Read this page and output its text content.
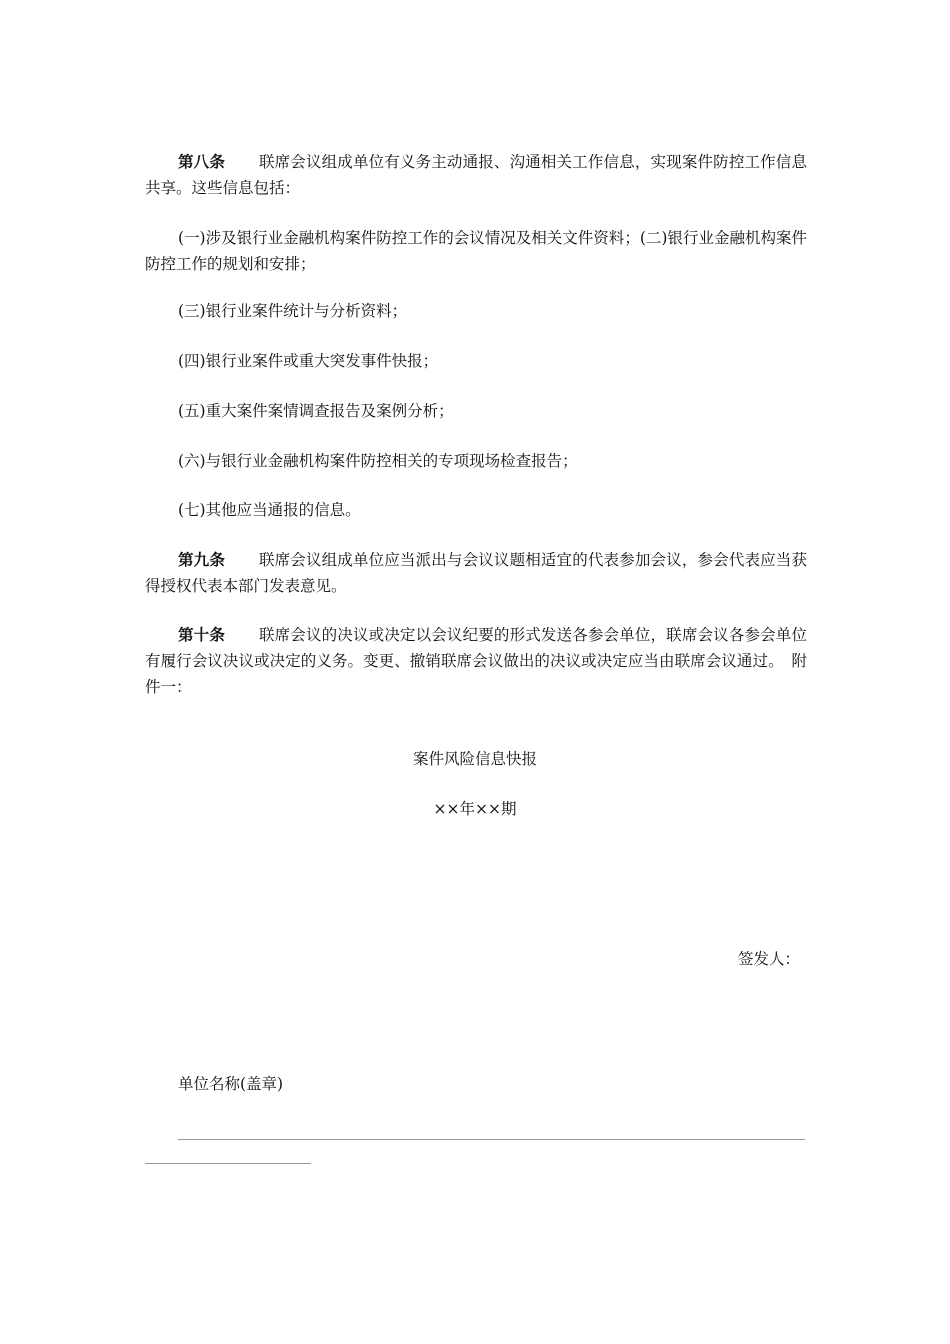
第八条 联席会议组成单位有义务主动通报、沟通相关工作信息，实现案件防控工作信息共享。这些信息包括：

(一)涉及银行业金融机构案件防控工作的会议情况及相关文件资料；(二)银行业金融机构案件防控工作的规划和安排；

(三)银行业案件统计与分析资料；

(四)银行业案件或重大突发事件快报；

(五)重大案件案情调查报告及案例分析；

(六)与银行业金融机构案件防控相关的专项现场检查报告；

(七)其他应当通报的信息。

第九条 联席会议组成单位应当派出与会议议题相适宜的代表参加会议，参会代表应当获得授权代表本部门发表意见。

第十条 联席会议的决议或决定以会议纪要的形式发送各参会单位，联席会议各参会单位有履行会议决议或决定的义务。变更、撤销联席会议做出的决议或决定应当由联席会议通过。　附件一：

案件风险信息快报

××年××期

签发人：
单位名称(盖章)
